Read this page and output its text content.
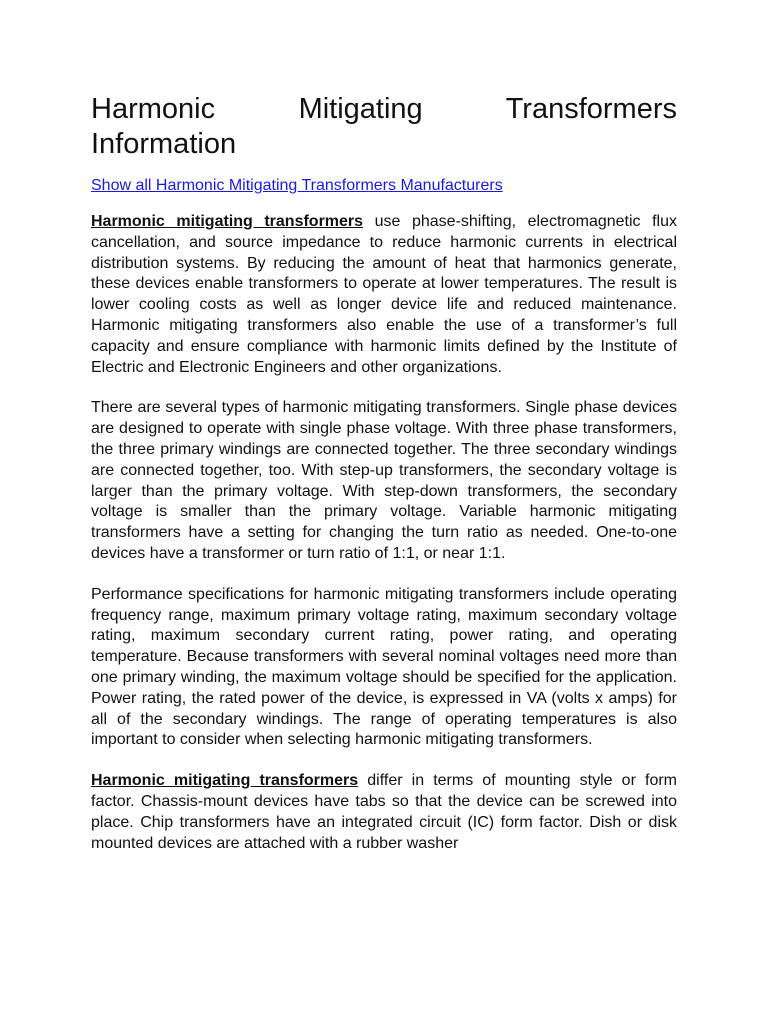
Harmonic Mitigating Transformers
Information
Show all Harmonic Mitigating Transformers Manufacturers

Harmonic mitigating transformers use phase-shifting, electromagnetic flux cancellation, and source impedance to reduce harmonic currents in electrical distribution systems. By reducing the amount of heat that harmonics generate, these devices enable transformers to operate at lower temperatures. The result is lower cooling costs as well as longer device life and reduced maintenance. Harmonic mitigating transformers also enable the use of a transformer’s full capacity and ensure compliance with harmonic limits defined by the Institute of Electric and Electronic Engineers and other organizations.

There are several types of harmonic mitigating transformers. Single phase devices are designed to operate with single phase voltage. With three phase transformers, the three primary windings are connected together. The three secondary windings are connected together, too. With step-up transformers, the secondary voltage is larger than the primary voltage. With step-down transformers, the secondary voltage is smaller than the primary voltage. Variable harmonic mitigating transformers have a setting for changing the turn ratio as needed. One-to-one devices have a transformer or turn ratio of 1:1, or near 1:1.

Performance specifications for harmonic mitigating transformers include operating frequency range, maximum primary voltage rating, maximum secondary voltage rating, maximum secondary current rating, power rating, and operating temperature. Because transformers with several nominal voltages need more than one primary winding, the maximum voltage should be specified for the application. Power rating, the rated power of the device, is expressed in VA (volts x amps) for all of the secondary windings. The range of operating temperatures is also important to consider when selecting harmonic mitigating transformers.

Harmonic mitigating transformers differ in terms of mounting style or form factor. Chassis-mount devices have tabs so that the device can be screwed into place. Chip transformers have an integrated circuit (IC) form factor. Dish or disk mounted devices are attached with a rubber washer
